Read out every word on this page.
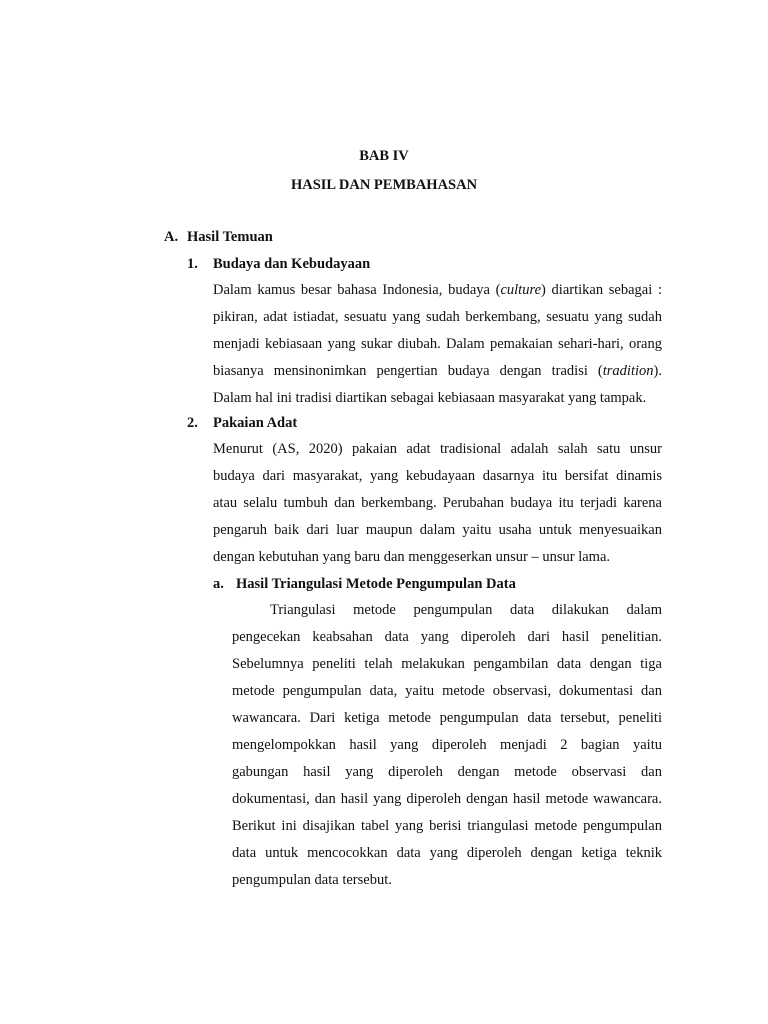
BAB IV
HASIL DAN PEMBAHASAN
A. Hasil Temuan
1. Budaya dan Kebudayaan
Dalam kamus besar bahasa Indonesia, budaya (culture) diartikan sebagai :
pikiran, adat istiadat, sesuatu yang sudah berkembang, sesuatu yang sudah
menjadi kebiasaan yang sukar diubah. Dalam pemakaian sehari-hari, orang
biasanya mensinonimkan pengertian budaya dengan tradisi (tradition).
Dalam hal ini tradisi diartikan sebagai kebiasaan masyarakat yang tampak.
2. Pakaian Adat
Menurut (AS, 2020) pakaian adat tradisional adalah salah satu unsur
budaya dari masyarakat, yang kebudayaan dasarnya itu bersifat dinamis
atau selalu tumbuh dan berkembang. Perubahan budaya itu terjadi karena
pengaruh baik dari luar maupun dalam yaitu usaha untuk menyesuaikan
dengan kebutuhan yang baru dan menggeserkan unsur – unsur lama.
a. Hasil Triangulasi Metode Pengumpulan Data
Triangulasi metode pengumpulan data dilakukan dalam
pengecekan keabsahan data yang diperoleh dari hasil penelitian.
Sebelumnya peneliti telah melakukan pengambilan data dengan tiga
metode pengumpulan data, yaitu metode observasi, dokumentasi dan
wawancara. Dari ketiga metode pengumpulan data tersebut, peneliti
mengelompokkan hasil yang diperoleh menjadi 2 bagian yaitu
gabungan hasil yang diperoleh dengan metode observasi dan
dokumentasi, dan hasil yang diperoleh dengan hasil metode wawancara.
Berikut ini disajikan tabel yang berisi triangulasi metode pengumpulan
data untuk mencocokkan data yang diperoleh dengan ketiga teknik
pengumpulan data tersebut.
